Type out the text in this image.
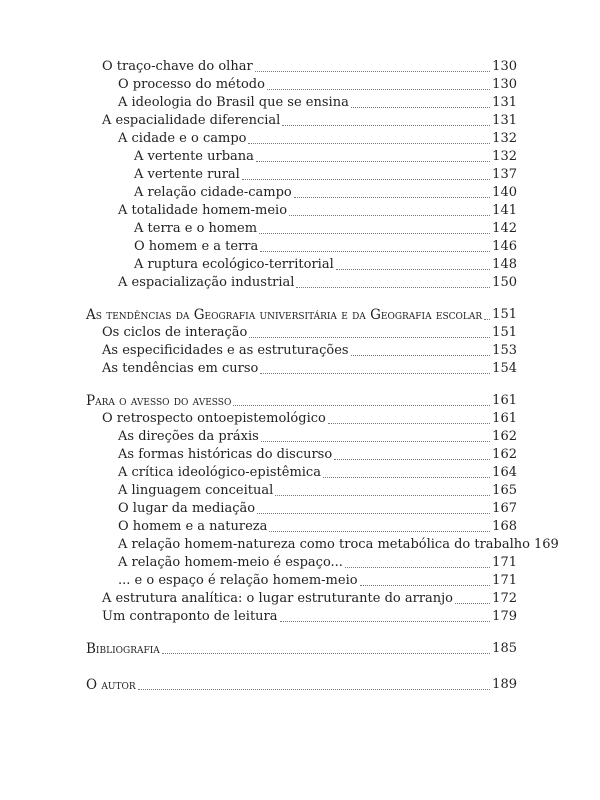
O traço-chave do olhar	130
O processo do método	130
A ideologia do Brasil que se ensina	131
A espacialidade diferencial	131
A cidade e o campo	132
A vertente urbana	132
A vertente rural	137
A relação cidade-campo	140
A totalidade homem-meio	141
A terra e o homem	142
O homem e a terra	146
A ruptura ecológico-territorial	148
A espacialização industrial	150
As tendências da Geografia universitária e da Geografia escolar 151
Os ciclos de interação	151
As especificidades e as estruturações	153
As tendências em curso	154
Para o avesso do avesso	161
O retrospecto ontoepistemológico	161
As direções da práxis	162
As formas históricas do discurso	162
A crítica ideológico-epistêmica	164
A linguagem conceitual	165
O lugar da mediação	167
O homem e a natureza	168
A relação homem-natureza como troca metabólica do trabalho 169
A relação homem-meio é espaço...	171
... e o espaço é relação homem-meio	171
A estrutura analítica: o lugar estruturante do arranjo	172
Um contraponto de leitura	179
Bibliografia	185
O autor	189
